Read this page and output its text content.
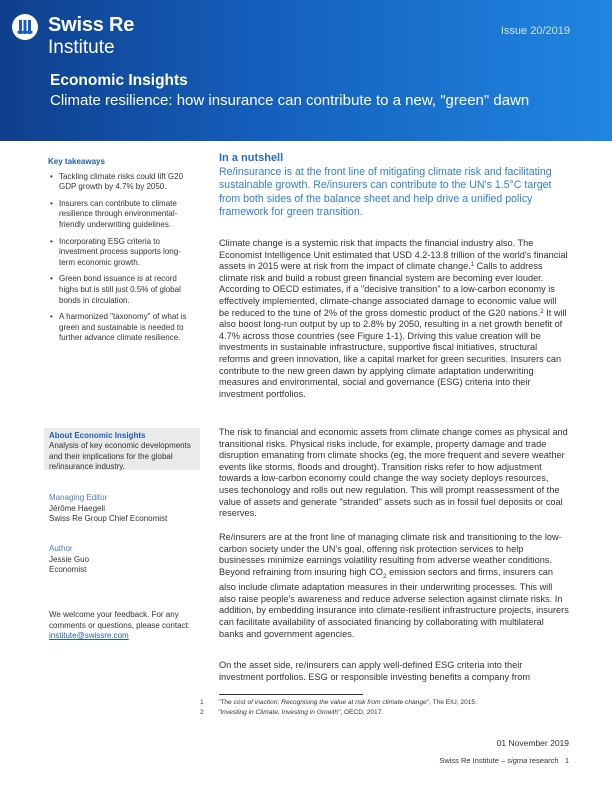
Swiss Re
Institute
Issue 20/2019
Economic Insights
Climate resilience: how insurance can contribute to a new, "green" dawn
Key takeaways
• Tackling climate risks could lift G20 GDP growth by 4.7% by 2050.
• Insurers can contribute to climate resilience through environmental-friendly underwriting guidelines.
• Incorporating ESG criteria to investment process supports long-term economic growth.
• Green bond issuance is at record highs but is still just 0.5% of global bonds in circulation.
• A harmonized "taxonomy" of what is green and sustainable is needed to further advance climate resilience.
About Economic Insights
Analysis of key economic developments and their implications for the global re/insurance industry.
Managing Editor
Jérôme Haegeli
Swiss Re Group Chief Economist
Author
Jessie Guo
Economist
We welcome your feedback. For any comments or questions, please contact: institute@swissre.com
In a nutshell
Re/insurance is at the front line of mitigating climate risk and facilitating sustainable growth. Re/insurers can contribute to the UN's 1.5°C target from both sides of the balance sheet and help drive a unified policy framework for green transition.

Climate change is a systemic risk that impacts the financial industry also. The Economist Intelligence Unit estimated that USD 4.2-13.8 trillion of the world's financial assets in 2015 were at risk from the impact of climate change.$^1$ Calls to address climate risk and build a robust green financial system are becoming ever louder. According to OECD estimates, if a "decisive transition" to a low-carbon economy is effectively implemented, climate-change associated damage to economic value will be reduced to the tune of 2% of the gross domestic product of the G20 nations.$^2$ It will also boost long-run output by up to 2.8% by 2050, resulting in a net growth benefit of 4.7% across those countries (see Figure 1-1). Driving this value creation will be investments in sustainable infrastructure, supportive fiscal initiatives, structural reforms and green innovation, like a capital market for green securities. Insurers can contribute to the new green dawn by applying climate adaptation underwriting measures and environmental, social and governance (ESG) criteria into their investment portfolios.

The risk to financial and economic assets from climate change comes as physical and transitional risks. Physical risks include, for example, property damage and trade disruption emanating from climate shocks (eg, the more frequent and severe weather events like storms, floods and drought). Transition risks refer to how adjustment towards a low-carbon economy could change the way society deploys resources, uses techonology and rolls out new regulation. This will prompt reassessment of the value of assets and generate "stranded" assets such as in fossil fuel deposits or coal reserves.

Re/insurers are at the front line of managing climate risk and transitioning to the low-carbon society under the UN's goal, offering risk protection services to help businesses minimize earnings volatility resulting from adverse weather conditions. Beyond refraining from insuring high $CO_2$ emission sectors and firms, insurers can also include climate adaptation measures in their underwriting processes. This will also raise people's awareness and reduce adverse selection against climate risks. In addition, by embedding insurance into climate-resilient infrastructure projects, insurers can facilitate availability of associated financing by collaborating with multilateral banks and government agencies.

On the asset side, re/insurers can apply well-defined ESG criteria into their investment portfolios. ESG or responsible investing benefits a company from

1 "The cost of inaction: Recognising the value at risk from climate change", The EIU, 2015.
2 "Investing in Climate, Investing in Growth", OECD, 2017.
01 November 2019
Swiss Re Institute – sigma research 1
